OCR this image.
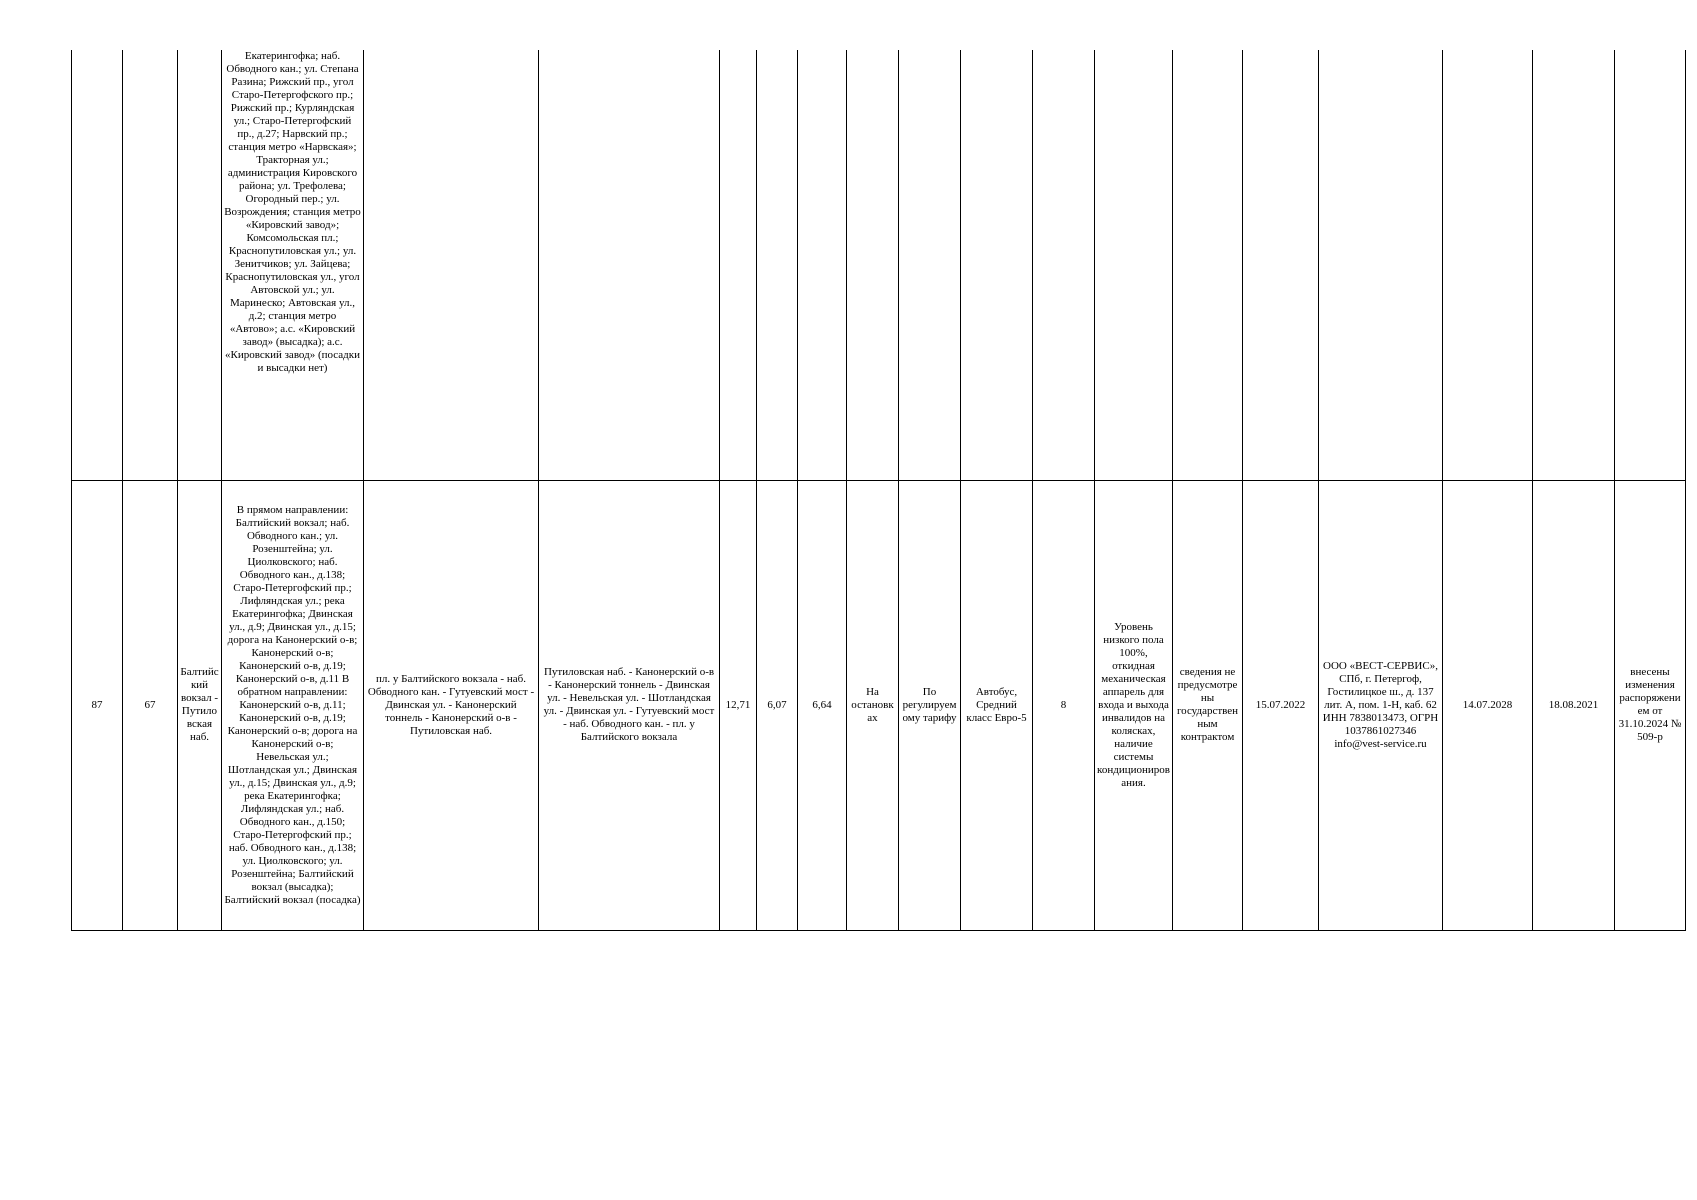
			Екатерингофка; наб. Обводного кан.; ул. Степана Разина; Рижский пр., угол Старо-Петергофского пр.; Рижский пр.; Курляндская ул.; Старо-Петергофский пр., д.27; Нарвский пр.; станция метро «Нарвская»; Тракторная ул.; администрация Кировского района; ул. Трефолева; Огородный пер.; ул. Возрождения; станция метро «Кировский завод»; Комсомольская пл.; Краснопутиловская ул.; ул. Зенитчиков; ул. Зайцева; Краснопутиловская ул., угол Автовской ул.; ул. Маринеско; Автовская ул., д.2; станция метро «Автово»; а.с. «Кировский завод» (высадка); а.с. «Кировский завод» (посадки и высадки нет)																
87	67	Балтийский вокзал - Путиловская наб.	В прямом направлении: Балтийский вокзал; наб. Обводного кан.; ул. Розенштейна; ул. Циолковского; наб. Обводного кан., д.138; Старо-Петергофский пр.; Лифляндская ул.; река Екатерингофка; Двинская ул., д.9; Двинская ул., д.15; дорога на Канонерский о-в; Канонерский о-в; Канонерский о-в, д.19; Канонерский о-в, д.11 В обратном направлении: Канонерский о-в, д.11; Канонерский о-в, д.19; Канонерский о-в; дорога на Канонерский о-в; Невельская ул.; Шотландская ул.; Двинская ул., д.15; Двинская ул., д.9; река Екатерингофка; Лифляндская ул.; наб. Обводного кан., д.150; Старо-Петергофский пр.; наб. Обводного кан., д.138; ул. Циолковского; ул. Розенштейна; Балтийский вокзал (высадка); Балтийский вокзал (посадка)	пл. у Балтийского вокзала - наб. Обводного кан. - Гутуевский мост - Двинская ул. - Канонерский тоннель - Канонерский о-в - Путиловская наб.	Путиловская наб. - Канонерский о-в - Канонерский тоннель - Двинская ул. - Невельская ул. - Шотландская ул. - Двинская ул. - Гутуевский мост - наб. Обводного кан. - пл. у Балтийского вокзала	12,71	6,07	6,64	На остановках	По регулируемому тарифу	Автобус, Средний класс Евро-5	8	Уровень низкого пола 100%, откидная механическая аппарель для входа и выхода инвалидов на колясках, наличие системы кондиционирования.	сведения не предусмотрены государственным контрактом	15.07.2022	ООО «ВЕСТ-СЕРВИС»,
СПб, г. Петергоф, Гостилицкое ш., д. 137 лит. А, пом. 1-Н, каб. 62 ИНН 7838013473, ОГРН 1037861027346 info@vest-service.ru	14.07.2028	18.08.2021	внесены изменения распоряжением от 31.10.2024 № 509-р
